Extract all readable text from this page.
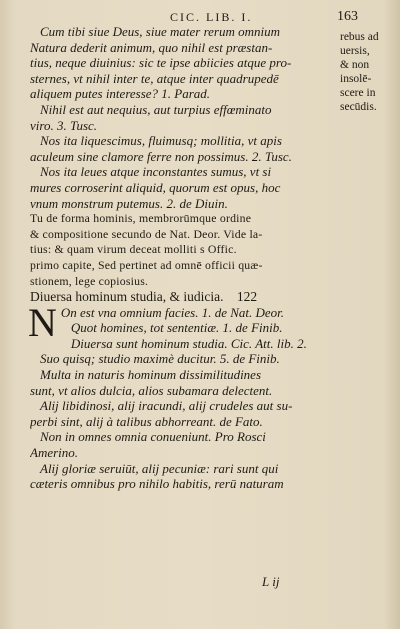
CIC. LIB. I.	163
rebus ad
uersis,
& non
insolē-
scere in
secūdis.
Cum tibi siue Deus, siue mater rerum omnium
Natura dederit animum, quo nihil est præstan-
tius, neque diuinius: sic te ipse abiicies atque pro-
sternes, vt nihil inter te, atque inter quadrupedē
aliquem putes interesse? 1. Parad.
Nihil est aut nequius, aut turpius effœminato
viro. 3. Tusc.
Nos ita liquescimus, fluimusq; mollitia, vt apis
aculeum sine clamore ferre non possimus. 2. Tusc.
Nos ita leues atque inconstantes sumus, vt si
mures corroserint aliquid, quorum est opus, hoc
vnum monstrum putemus. 2. de Diuin.
Tu de forma hominis, membrorūmque ordine
& compositione secundo de Nat. Deor. Vide la-
tius: & quam virum deceat molliti s Offic.
primo capite, Sed pertinet ad omnē officii quæ-
stionem, lege copiosius.
Diuersa hominum studia, & iudicia. 122
N On est vna omnium facies. 1. de Nat. Deor.
Quot homines, tot sententiæ. 1. de Finib.
Diuersa sunt hominum studia. Cic. Att. lib. 2.
Suo quisq; studio maximè ducitur. 5. de Finib.
Multa in naturis hominum dissimilitudines
sunt, vt alios dulcia, alios subamara delectent.
Alij libidinosi, alij iracundi, alij crudeles aut su-
perbi sint, alij à talibus abhorreant. de Fato.
Non in omnes omnia conueniunt. Pro Rosci
Amerino.
Alij gloriæ seruiūt, alij pecuniæ: rari sunt qui
cæteris omnibus pro nihilo habitis, rerū naturam
L ij
